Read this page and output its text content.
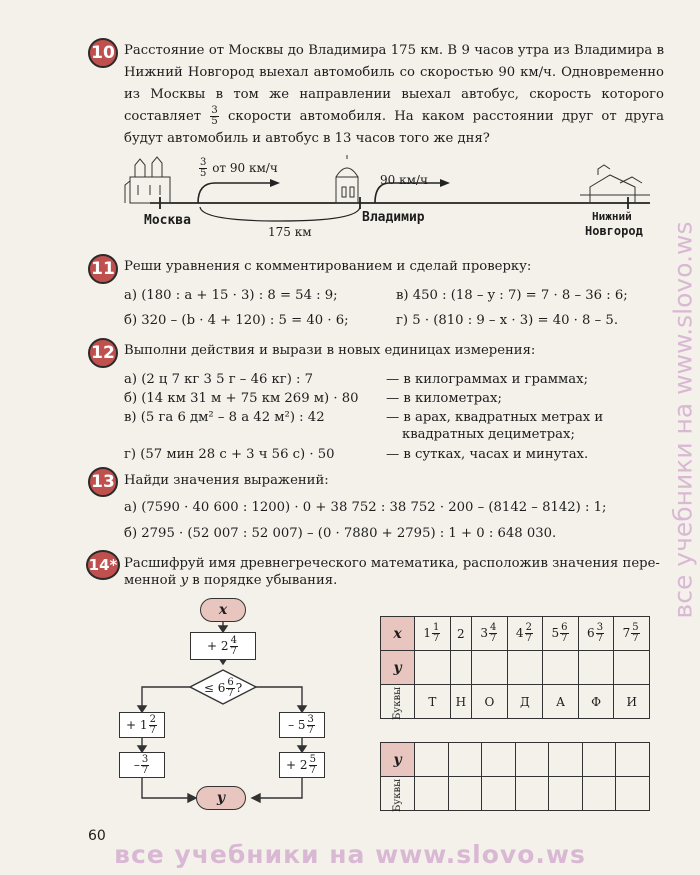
10 Расстояние от Москвы до Владимира 175 км. В 9 часов утра из Владимира в Нижний Новгород выехал автомобиль со скоростью 90 км/ч. Одновременно из Москвы в том же направлении выехал автобус, скорость которого составляет $\frac{3}{5}$ скорости автомобиля. На каком расстоянии друг от друга будут автомобиль и автобус в 13 часов того же дня?
$\frac{3}{5}$ от 90 км/ч
90 км/ч
175 км
Москва	Владимир	Нижний
Новгород
11 Реши уравнения с комментированием и сделай проверку:
а) (180 : a + 15 · 3) : 8 = 54 : 9;	в) 450 : (18 – y : 7) = 7 · 8 – 36 : 6;
б) 320 – (b · 4 + 120) : 5 = 40 · 6;	г) 5 · (810 : 9 – x · 3) = 40 · 8 – 5.
12 Выполни действия и вырази в новых единицах измерения:
а) (2 ц 7 кг 3 5 г – 46 кг) : 7	— в килограммах и граммах;
б) (14 км 31 м + 75 км 269 м) · 80 — в километрах;
в) (5 га 6 дм² – 8 а 42 м²) : 42	— в арах, квадратных метрах и
квадратных дециметрах;
г) (57 мин 28 с + 3 ч 56 с) · 50	— в сутках, часах и минутах.
13 Найди значения выражений:
а) (7590 · 40 600 : 1200) · 0 + 38 752 : 38 752 · 200 – (8142 – 8142) : 1;
б) 2795 · (52 007 : 52 007) – (0 · 7880 + 2795) : 1 + 0 : 648 030.
14* Расшифруй имя древнегреческого математика, расположив значения пере-
менной y в порядке убывания.
x
+ $2 \frac{4}{7}$
≤ $6 \frac{6}{7}$ ?
+ $1 \frac{2}{7}$
– $\frac{3}{7}$
– $5 \frac{3}{7}$
+ $2 \frac{5}{7}$
y
x	$1 \frac{1}{7}$	2	$3 \frac{4}{7}$	$4 \frac{2}{7}$	$5 \frac{6}{7}$	$6 \frac{3}{7}$	$7 \frac{5}{7}$

y							
Буквы	Т	Н	О	Д	А	Ф	И
y							
Буквы							
60
все учебники на www.slovo.ws
все учебники на www.slovo.ws
